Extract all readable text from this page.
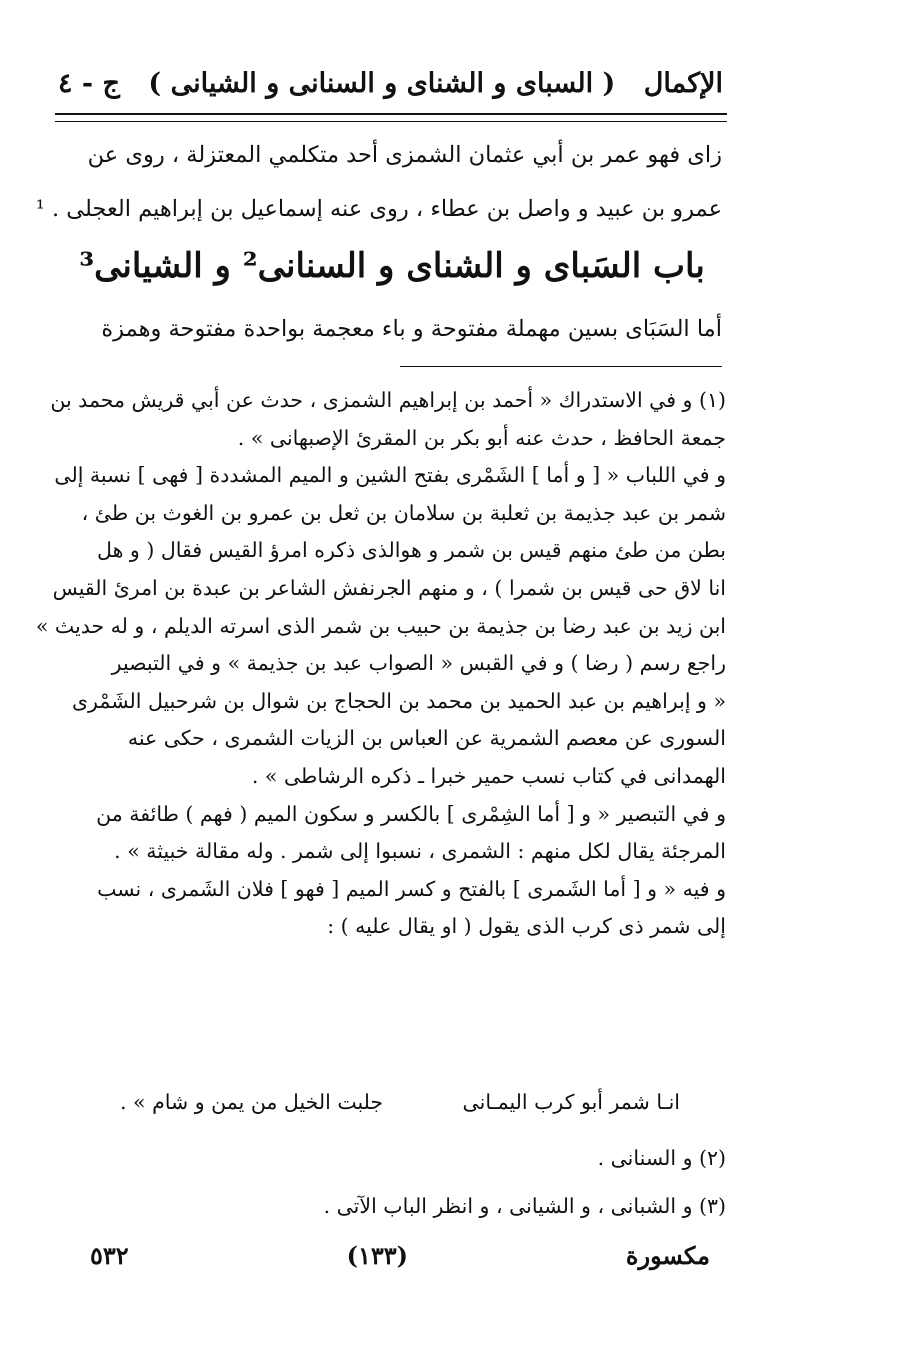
الإكمال
( السباى و الشناى و السنانى و الشيانى )
ج - ٤
زاى فهو عمر بن أبي عثمان الشمزى أحد متكلمي المعتزلة ، روى عن
عمرو بن عبيد و واصل بن عطاء ، روى عنه إسماعيل بن إبراهيم العجلى . ¹
باب السَباى و الشناى و السنانى² و الشيانى³
أما السَبَاى بسين مهملة مفتوحة و باء معجمة بواحدة مفتوحة وهمزة
(١) و في الاستدراك « أحمد بن إبراهيم الشمزى ، حدث عن أبي قريش محمد بن
جمعة الحافظ ، حدث عنه أبو بكر بن المقرئ الإصبهانى » .
و في اللباب « [ و أما ] الشَمْرى بفتح الشين و الميم المشددة [ فهى ] نسبة إلى
شمر بن عبد جذيمة بن ثعلبة بن سلامان بن ثعل بن عمرو بن الغوث بن طئ ،
بطن من طئ منهم قيس بن شمر و هوالذى ذكره امرؤ القيس فقال ( و هل
انا لاق حى قيس بن شمرا ) ، و منهم الجرنفش الشاعر بن عبدة بن امرئ القيس
ابن زيد بن عبد رضا بن جذيمة بن حبيب بن شمر الذى اسرته الديلم ، و له حديث »
راجع رسم ( رضا ) و في القبس « الصواب عبد بن جذيمة » و في التبصير
« و إبراهيم بن عبد الحميد بن محمد بن الحجاج بن شوال بن شرحبيل الشَمْرى
السورى عن معصم الشمرية عن العباس بن الزيات الشمرى ، حكى عنه
الهمدانى في كتاب نسب حمير خبرا ـ ذكره الرشاطى » .
و في التبصير « و [ أما الشِمْرى ] بالكسر و سكون الميم ( فهم ) طائفة من
المرجئة يقال لكل منهم : الشمرى ، نسبوا إلى شمر . وله مقالة خبيثة » .
و فيه « و [ أما الشَمرى ] بالفتح و كسر الميم [ فهو ] فلان الشَمرى ، نسب
إلى شمر ذى كرب الذى يقول ( او يقال عليه ) :
انـا شمر أبو كرب اليمـانى
جلبت الخيل من يمن و شام » .
(٢) و السنانى .
(٣) و الشبانى ، و الشيانى ، و انظر الباب الآتى .
مكسورة
(١٣٣)
٥٣٢
